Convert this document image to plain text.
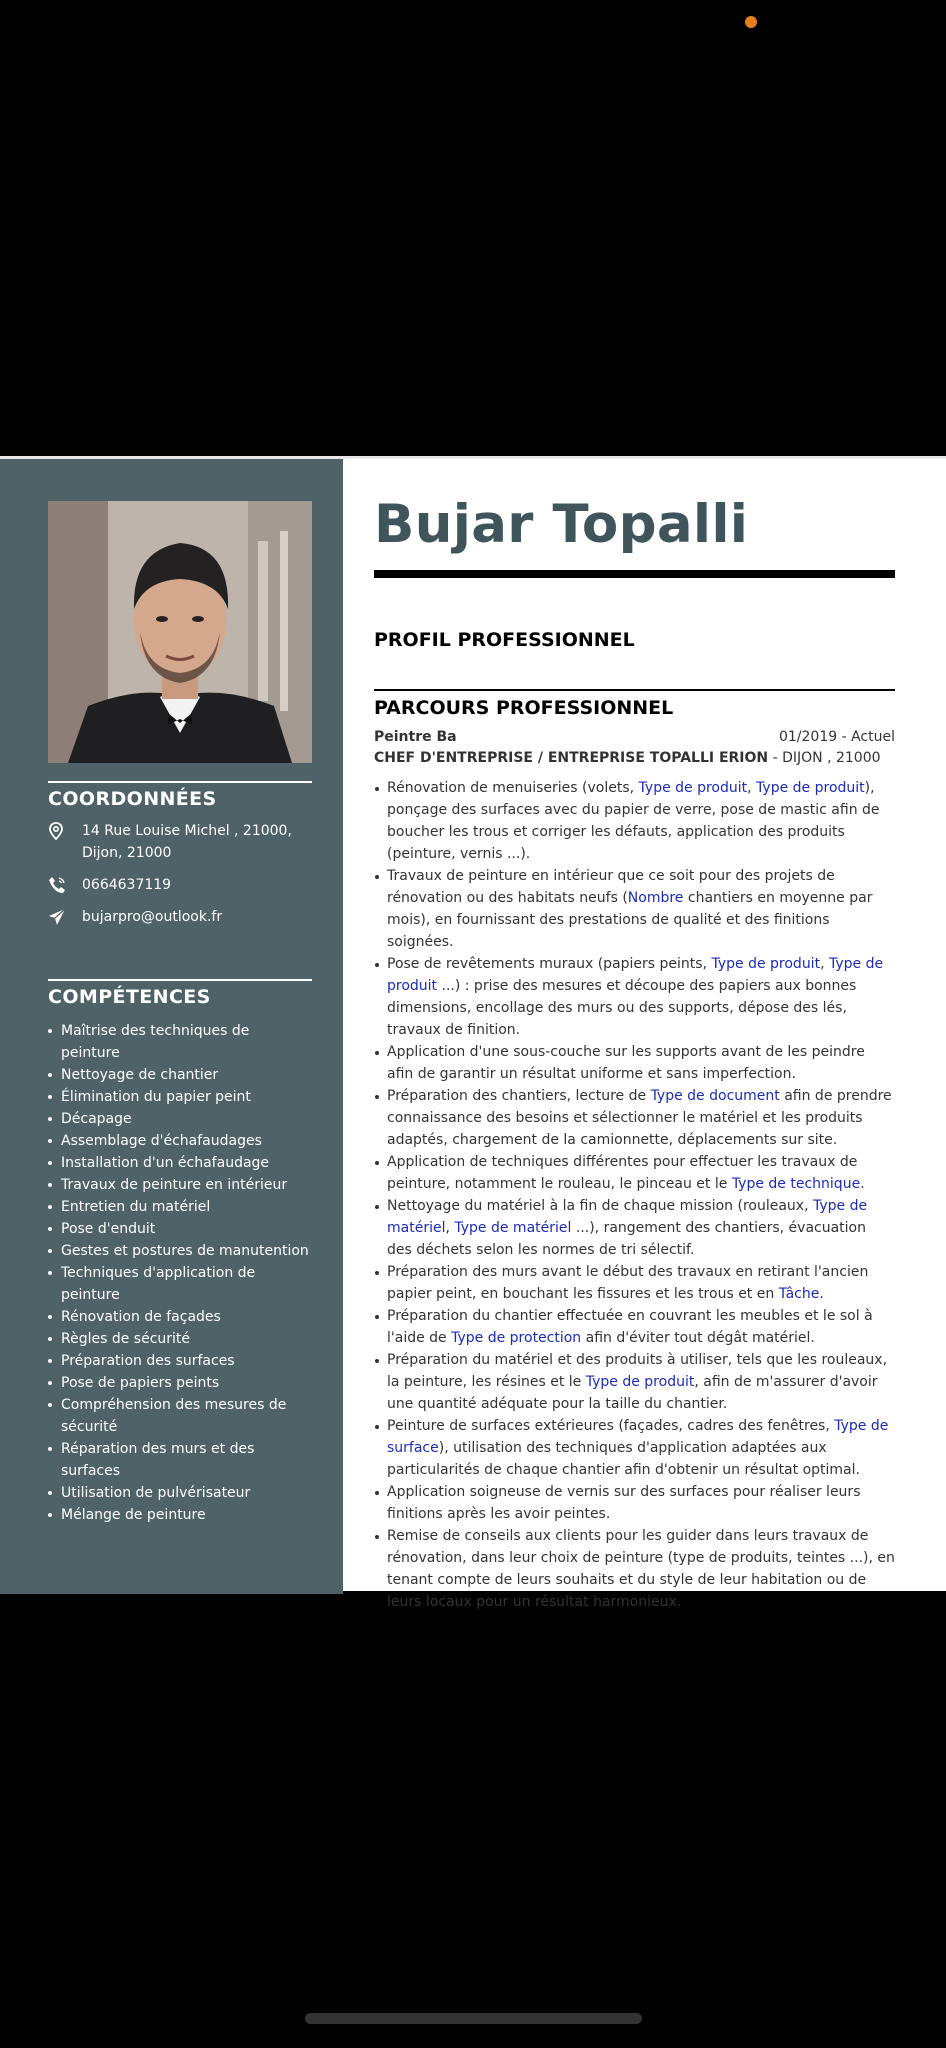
COORDONNÉES
14 Rue Louise Michel , 21000, Dijon, 21000
0664637119
bujarpro@outlook.fr
COMPÉTENCES
Maîtrise des techniques de peinture
Nettoyage de chantier
Élimination du papier peint
Décapage
Assemblage d'échafaudages
Installation d'un échafaudage
Travaux de peinture en intérieur
Entretien du matériel
Pose d'enduit
Gestes et postures de manutention
Techniques d'application de peinture
Rénovation de façades
Règles de sécurité
Préparation des surfaces
Pose de papiers peints
Compréhension des mesures de sécurité
Réparation des murs et des surfaces
Utilisation de pulvérisateur
Mélange de peinture
Bujar Topalli
PROFIL PROFESSIONNEL
PARCOURS PROFESSIONNEL
Peintre Ba	01/2019 - Actuel
CHEF D'ENTREPRISE / ENTREPRISE TOPALLI ERION - DIJON , 21000
Rénovation de menuiseries (volets, Type de produit, Type de produit), ponçage des surfaces avec du papier de verre, pose de mastic afin de boucher les trous et corriger les défauts, application des produits (peinture, vernis ...).
Travaux de peinture en intérieur que ce soit pour des projets de rénovation ou des habitats neufs (Nombre chantiers en moyenne par mois), en fournissant des prestations de qualité et des finitions soignées.
Pose de revêtements muraux (papiers peints, Type de produit, Type de produit ...) : prise des mesures et découpe des papiers aux bonnes dimensions, encollage des murs ou des supports, dépose des lés, travaux de finition.
Application d'une sous-couche sur les supports avant de les peindre afin de garantir un résultat uniforme et sans imperfection.
Préparation des chantiers, lecture de Type de document afin de prendre connaissance des besoins et sélectionner le matériel et les produits adaptés, chargement de la camionnette, déplacements sur site.
Application de techniques différentes pour effectuer les travaux de peinture, notamment le rouleau, le pinceau et le Type de technique.
Nettoyage du matériel à la fin de chaque mission (rouleaux, Type de matériel, Type de matériel ...), rangement des chantiers, évacuation des déchets selon les normes de tri sélectif.
Préparation des murs avant le début des travaux en retirant l'ancien papier peint, en bouchant les fissures et les trous et en Tâche.
Préparation du chantier effectuée en couvrant les meubles et le sol à l'aide de Type de protection afin d'éviter tout dégât matériel.
Préparation du matériel et des produits à utiliser, tels que les rouleaux, la peinture, les résines et le Type de produit, afin de m'assurer d'avoir une quantité adéquate pour la taille du chantier.
Peinture de surfaces extérieures (façades, cadres des fenêtres, Type de surface), utilisation des techniques d'application adaptées aux particularités de chaque chantier afin d'obtenir un résultat optimal.
Application soigneuse de vernis sur des surfaces pour réaliser leurs finitions après les avoir peintes.
Remise de conseils aux clients pour les guider dans leurs travaux de rénovation, dans leur choix de peinture (type de produits, teintes ...), en tenant compte de leurs souhaits et du style de leur habitation ou de leurs locaux pour un résultat harmonieux.
